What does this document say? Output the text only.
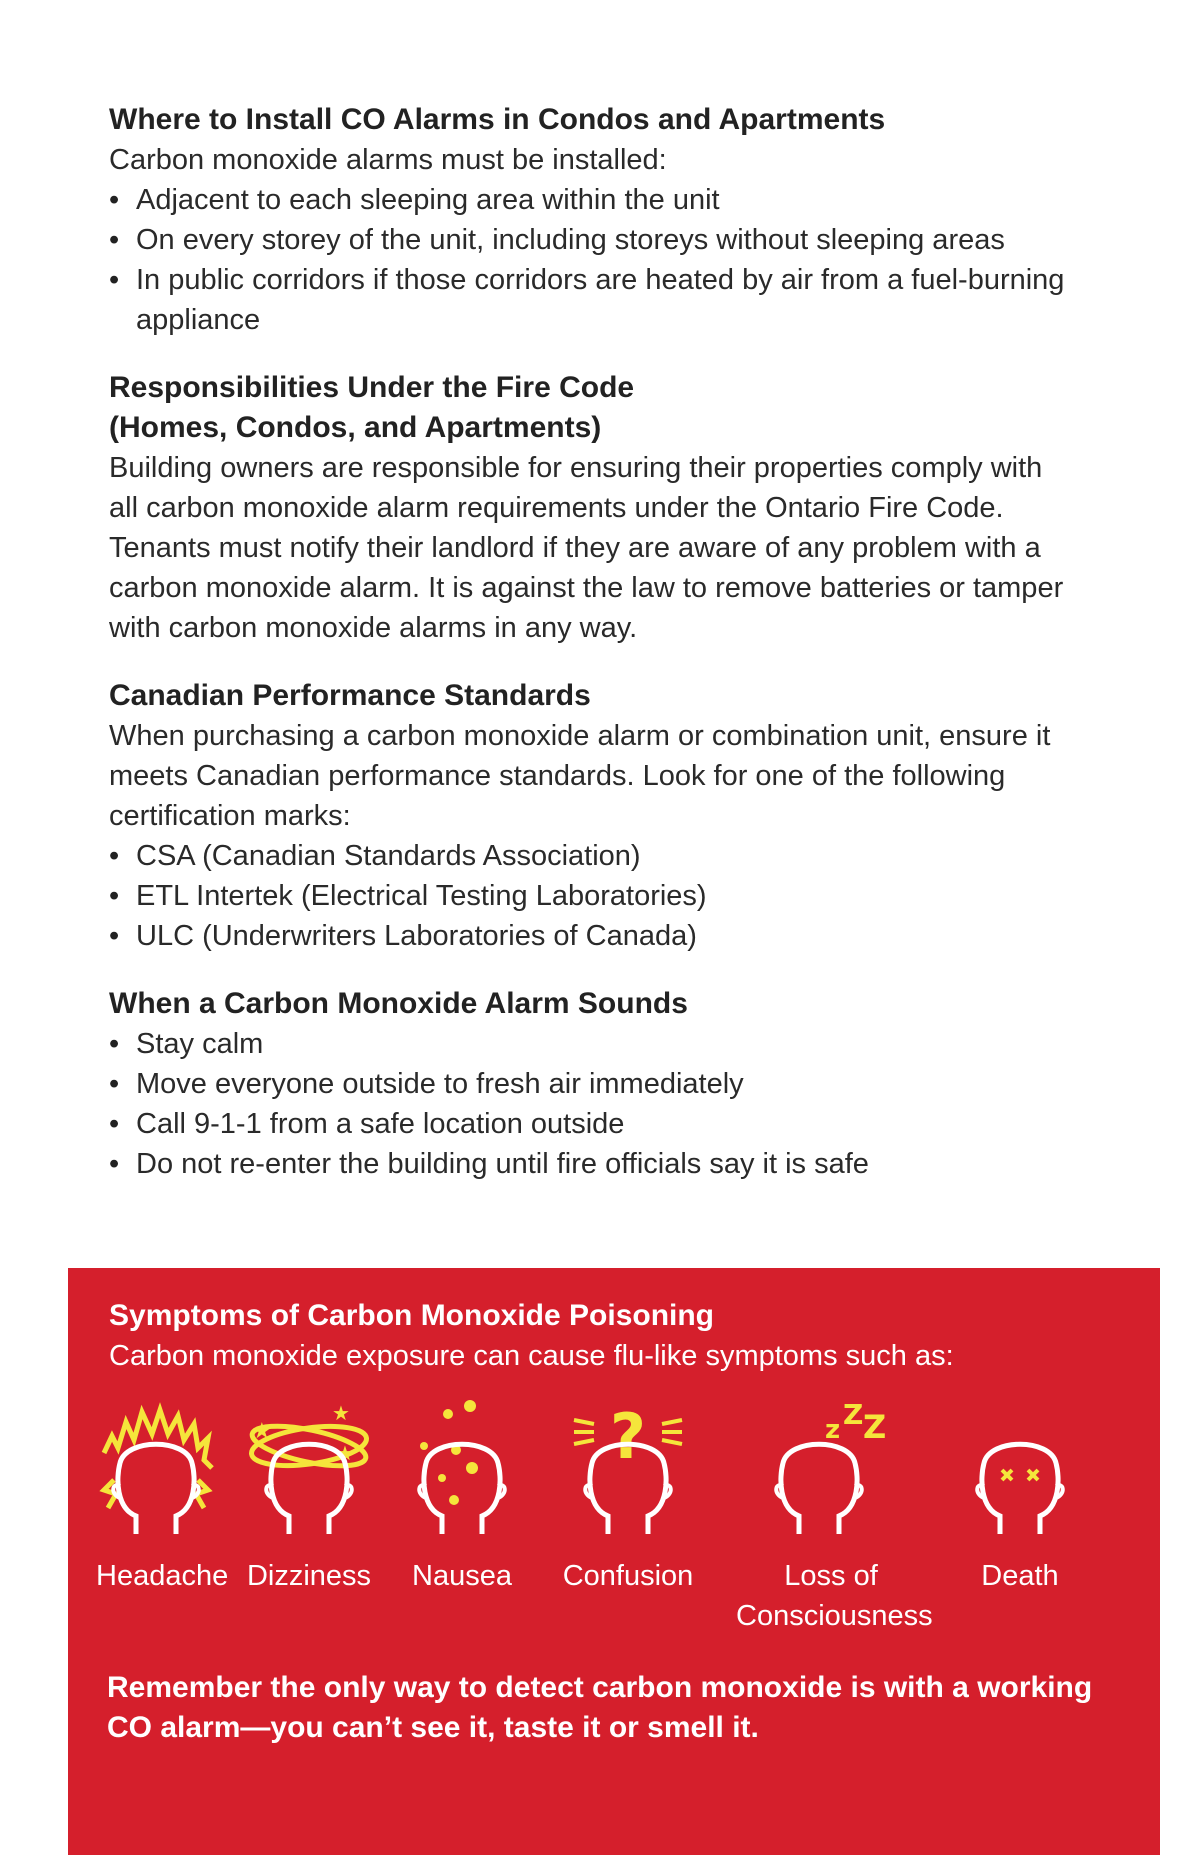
Where to Install CO Alarms in Condos and Apartments

Carbon monoxide alarms must be installed:

• Adjacent to each sleeping area within the unit
• On every storey of the unit, including storeys without sleeping areas
• In public corridors if those corridors are heated by air from a fuel-burning appliance

Responsibilities Under the Fire Code

(Homes, Condos, and Apartments)

Building owners are responsible for ensuring their properties comply with all carbon monoxide alarm requirements under the Ontario Fire Code. Tenants must notify their landlord if they are aware of any problem with a carbon monoxide alarm. It is against the law to remove batteries or tamper with carbon monoxide alarms in any way.

Canadian Performance Standards

When purchasing a carbon monoxide alarm or combination unit, ensure it meets Canadian performance standards. Look for one of the following certification marks:

• CSA (Canadian Standards Association)
• ETL Intertek (Electrical Testing Laboratories)
• ULC (Underwriters Laboratories of Canada)

When a Carbon Monoxide Alarm Sounds

• Stay calm
• Move everyone outside to fresh air immediately
• Call 9-1-1 from a safe location outside
• Do not re-enter the building until fire officials say it is safe
Symptoms of Carbon Monoxide Poisoning
Carbon monoxide exposure can cause flu-like symptoms such as:
Headache
★
★
★
Dizziness	Nausea
?
Confusion
z Z Z
Loss of
Consciousness
Death
Remember the only way to detect carbon monoxide is with a working CO alarm—you can’t see it, taste it or smell it.
